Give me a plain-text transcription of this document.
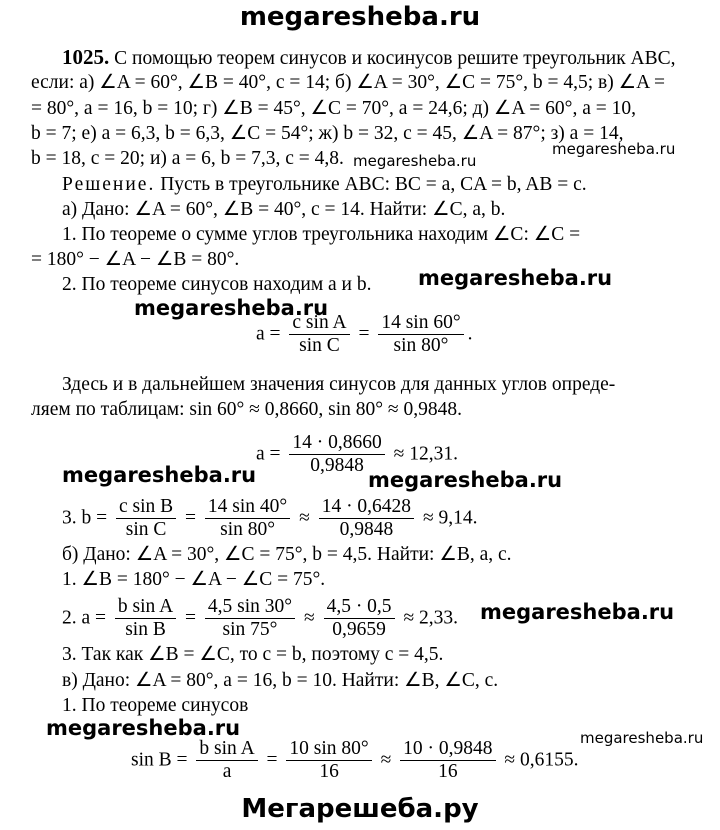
megaresheba.ru
1025. С помощью теорем синусов и косинусов решите треугольник ABC,
если: а) ∠A = 60°, ∠B = 40°, c = 14; б) ∠A = 30°, ∠C = 75°, b = 4,5; в) ∠A =
= 80°, a = 16, b = 10; г) ∠B = 45°, ∠C = 70°, a = 24,6; д) ∠A = 60°, a = 10,
b = 7; е) a = 6,3, b = 6,3, ∠C = 54°; ж) b = 32, c = 45, ∠A = 87°; з) a = 14,
b = 18, c = 20; и) a = 6, b = 7,3, c = 4,8. megaresheba.ru
megaresheba.ru
Решение. Пусть в треугольнике ABC: BC = a, CA = b, AB = c.
а) Дано: ∠A = 60°, ∠B = 40°, c = 14. Найти: ∠C, a, b.
1. По теореме о сумме углов треугольника находим ∠C: ∠C =
= 180° − ∠A − ∠B = 80°.
2. По теореме синусов находим a и b. megaresheba.ru
megaresheba.ru
$a = \frac{\text{c sin A}}{\text{sin C}} = \frac{14 \sin 60^\circ}{\sin 80^\circ}$ .
Здесь и в дальнейшем значения синусов для данных углов опреде-
ляем по таблицам: sin 60° ≈ 0,8660, sin 80° ≈ 0,9848.
$a = \frac{14 \cdot 0,8660}{0,9848} \approx 12,31$.
megaresheba.ru	megaresheba.ru
3. $b = \frac{\text{c sin B}}{\text{sin C}} = \frac{14 \sin 40^\circ}{\sin 80^\circ} \approx \frac{14 \cdot 0,6428}{0,9848} \approx 9,14$.
б) Дано: ∠A = 30°, ∠C = 75°, b = 4,5. Найти: ∠B, a, c.
1. ∠B = 180° − ∠A − ∠C = 75°.
2. $a = \frac{\text{b sin A}}{\text{sin B}} = \frac{4,5 \sin 30^\circ}{\sin 75^\circ} \approx \frac{4,5 \cdot 0,5}{0,9659} \approx 2,33$. megaresheba.ru
3. Так как ∠B = ∠C, то c = b, поэтому c = 4,5.
в) Дано: ∠A = 80°, a = 16, b = 10. Найти: ∠B, ∠C, c.
1. По теореме синусов
megaresheba.ru	megaresheba.ru
$\sin B = \frac{\text{b sin A}}{a} = \frac{10 \sin 80^\circ}{16} \approx \frac{10 \cdot 0,9848}{16} \approx 0,6155$.
Мегарешеба.ру
